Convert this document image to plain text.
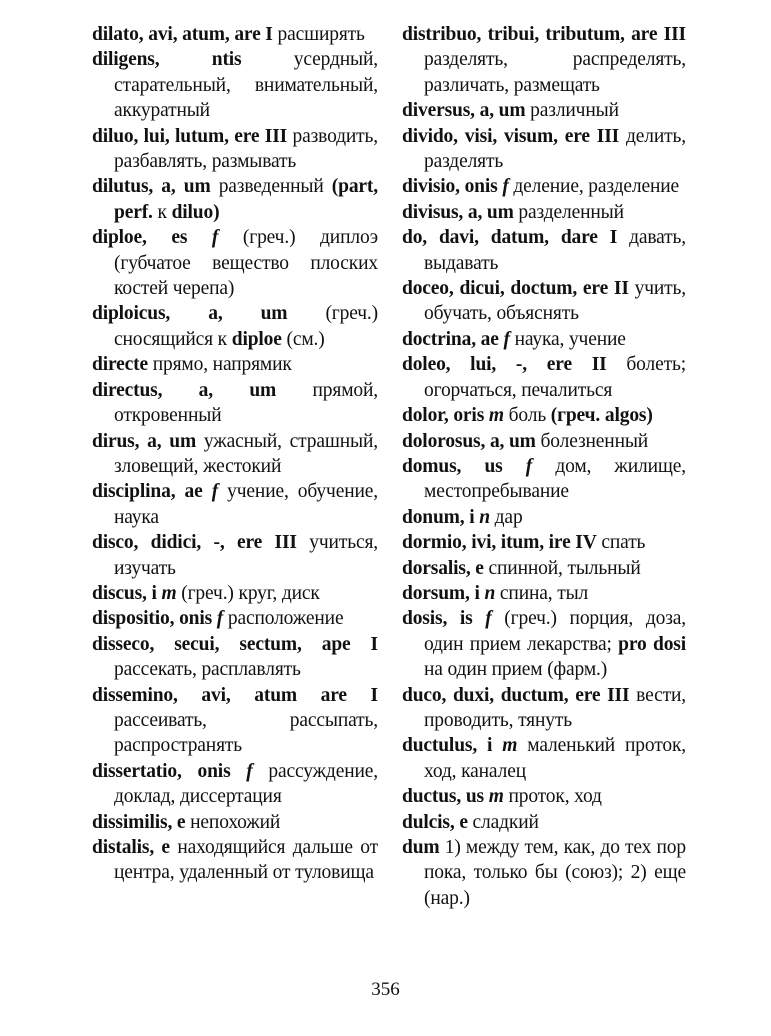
dilato, avi, atum, are I расширять

diligens, ntis усердный, старательный, внимательный, аккуратный

diluo, lui, lutum, ere III разводить, разбавлять, размывать

dilutus, a, um разведенный (part, perf. к diluo)

diploe, es f (греч.) диплоэ (губчатое вещество плоских костей черепа)

diploicus, a, um (греч.) сносящийся к diploe (см.)

directe прямо, напрямик

directus, a, um прямой, откровенный

dirus, a, um ужасный, страшный, зловещий, жестокий

disciplina, ae f учение, обучение, наука

disco, didici, -, ere III учиться, изучать

discus, i m (греч.) круг, диск

dispositio, onis f расположение

disseco, secui, sectum, ape I рассекать, расплавлять

dissemino, avi, atum are I рассеивать, рассыпать, распространять

dissertatio, onis f рассуждение, доклад, диссертация

dissimilis, e непохожий

distalis, e находящийся дальше от центра, удаленный от туловища

distribuo, tribui, tributum, are III разделять, распределять, различать, размещать

diversus, a, um различный

divido, visi, visum, ere III делить, разделять

divisio, onis f деление, разделение

divisus, a, um разделенный

do, davi, datum, dare I давать, выдавать

doceo, dicui, doctum, ere II учить, обучать, объяснять

doctrina, ae f наука, учение

doleo, lui, -, ere II болеть; огорчаться, печалиться

dolor, oris m боль (греч. algos)

dolorosus, a, um болезненный

domus, us f дом, жилище, местопребывание

donum, i n дар

dormio, ivi, itum, ire IV спать

dorsalis, e спинной, тыльный

dorsum, i n спина, тыл

dosis, is f (греч.) порция, доза, один прием лекарства; pro dosi на один прием (фарм.)

duco, duxi, ductum, ere III вести, проводить, тянуть

ductulus, i m маленький проток, ход, каналец

ductus, us m проток, ход

dulcis, e сладкий

dum 1) между тем, как, до тех пор пока, только бы (союз); 2) еще (нар.)

356
